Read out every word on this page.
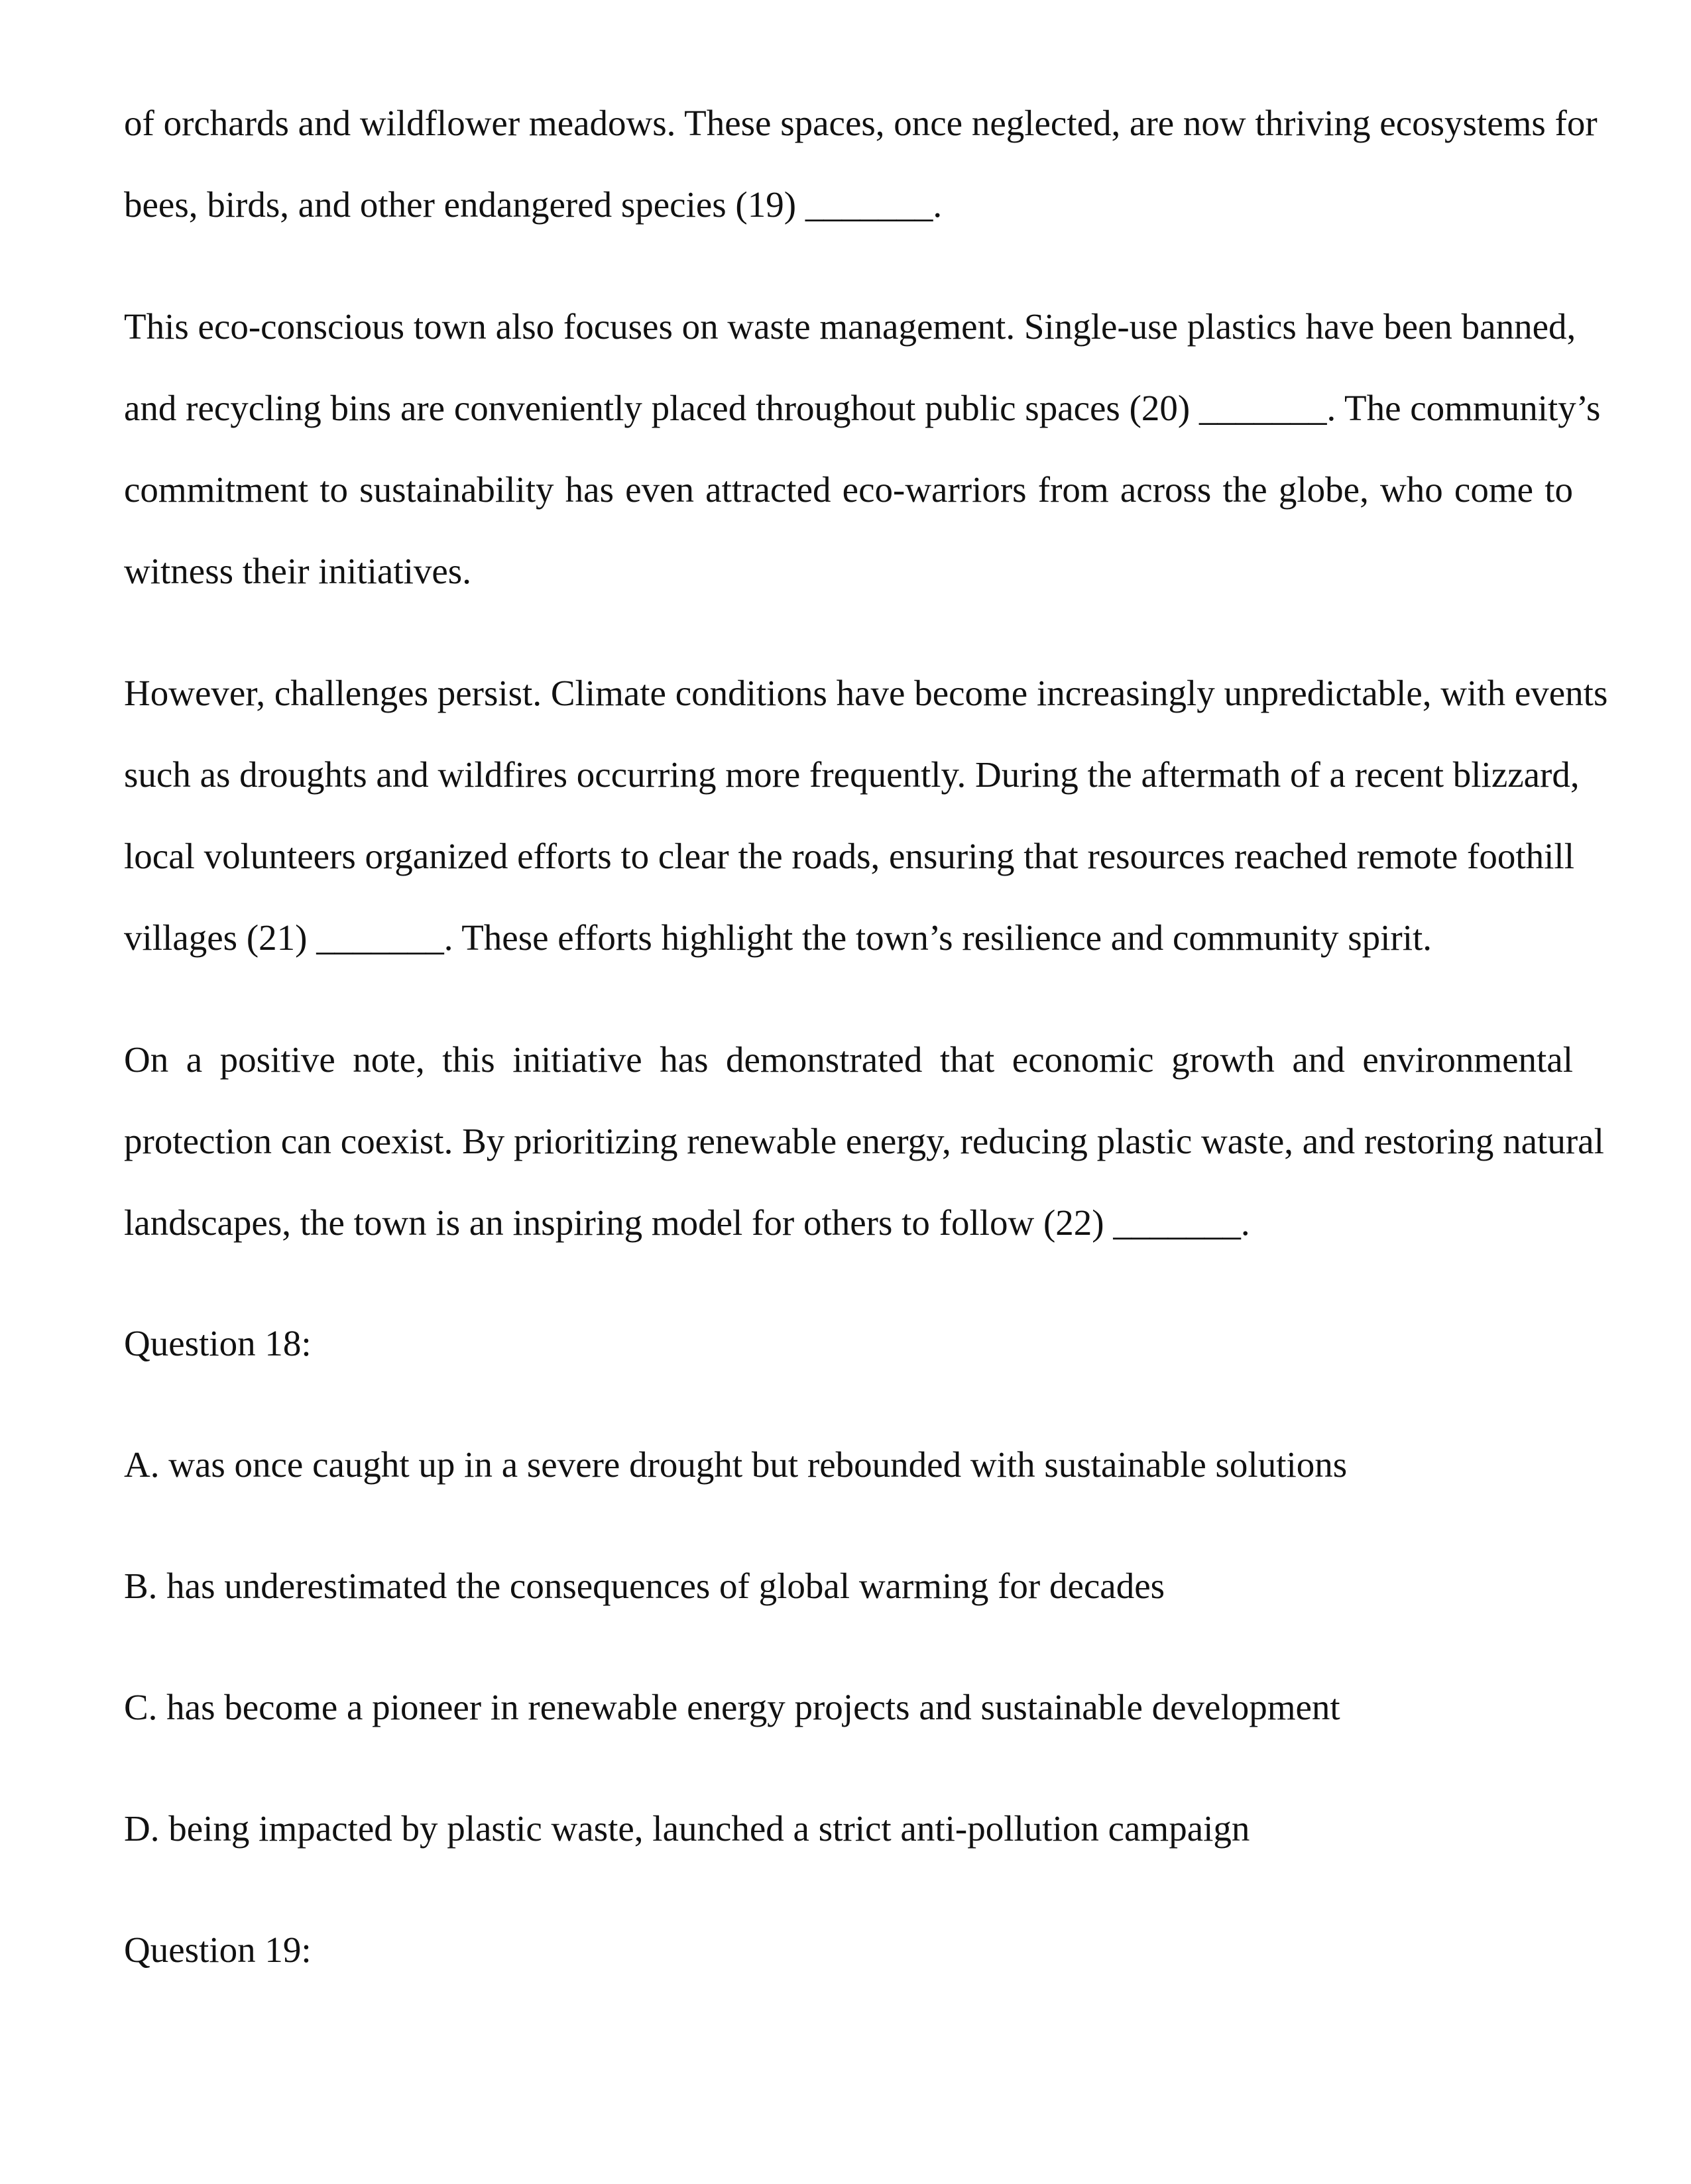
of orchards and wildflower meadows. These spaces, once neglected, are now thriving ecosystems for
bees, birds, and other endangered species (19) _______.
This eco-conscious town also focuses on waste management. Single-use plastics have been banned,
and recycling bins are conveniently placed throughout public spaces (20) _______. The community’s
commitment to sustainability has even attracted eco-warriors from across the globe, who come to
witness their initiatives.
However, challenges persist. Climate conditions have become increasingly unpredictable, with events
such as droughts and wildfires occurring more frequently. During the aftermath of a recent blizzard,
local volunteers organized efforts to clear the roads, ensuring that resources reached remote foothill
villages (21) _______. These efforts highlight the town’s resilience and community spirit.
On a positive note, this initiative has demonstrated that economic growth and environmental
protection can coexist. By prioritizing renewable energy, reducing plastic waste, and restoring natural
landscapes, the town is an inspiring model for others to follow (22) _______.
Question 18:
A. was once caught up in a severe drought but rebounded with sustainable solutions
B. has underestimated the consequences of global warming for decades
C. has become a pioneer in renewable energy projects and sustainable development
D. being impacted by plastic waste, launched a strict anti-pollution campaign
Question 19:
